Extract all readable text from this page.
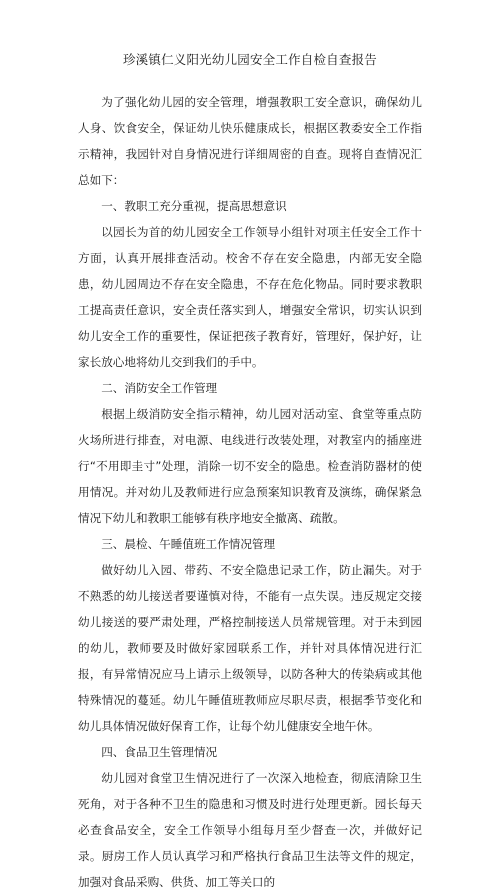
珍溪镇仁义阳光幼儿园安全工作自检自查报告

为了强化幼儿园的安全管理，增强教职工安全意识，确保幼儿人身、饮食安全，保证幼儿快乐健康成长，根据区教委安全工作指示精神，我园针对自身情况进行详细周密的自查。现将自查情况汇总如下：

一、教职工充分重视，提高思想意识

以园长为首的幼儿园安全工作领导小组针对项主任安全工作十方面，认真开展排查活动。校舍不存在安全隐患，内部无安全隐患，幼儿园周边不存在安全隐患，不存在危化物品。同时要求教职工提高责任意识，安全责任落实到人，增强安全常识，切实认识到幼儿安全工作的重要性，保证把孩子教育好，管理好，保护好，让家长放心地将幼儿交到我们的手中。

二、消防安全工作管理

根据上级消防安全指示精神，幼儿园对活动室、食堂等重点防火场所进行排查，对电源、电线进行改装处理，对教室内的插座进行“不用即圭寸”处理，消除一切不安全的隐患。检查消防器材的使用情况。并对幼儿及教师进行应急预案知识教育及演练，确保紧急情况下幼儿和教职工能够有秩序地安全撤离、疏散。

三、晨检、午睡值班工作情况管理

做好幼儿入园、带药、不安全隐患记录工作，防止漏失。对于不熟悉的幼儿接送者要谨慎对待，不能有一点失误。违反规定交接幼儿接送的要严肃处理，严格控制接送人员常规管理。对于未到园的幼儿，教师要及时做好家园联系工作，并针对具体情况进行汇报，有异常情况应马上请示上级领导，以防各种大的传染病或其他特殊情况的蔓延。幼儿午睡值班教师应尽职尽责，根据季节变化和幼儿具体情况做好保育工作，让每个幼儿健康安全地午休。

四、食品卫生管理情况

幼儿园对食堂卫生情况进行了一次深入地检查，彻底清除卫生死角，对于各种不卫生的隐患和习惯及时进行处理更新。园长每天必查食品安全，安全工作领导小组每月至少督查一次，并做好记录。厨房工作人员认真学习和严格执行食品卫生法等文件的规定，加强对食品采购、供货、加工等关口的
